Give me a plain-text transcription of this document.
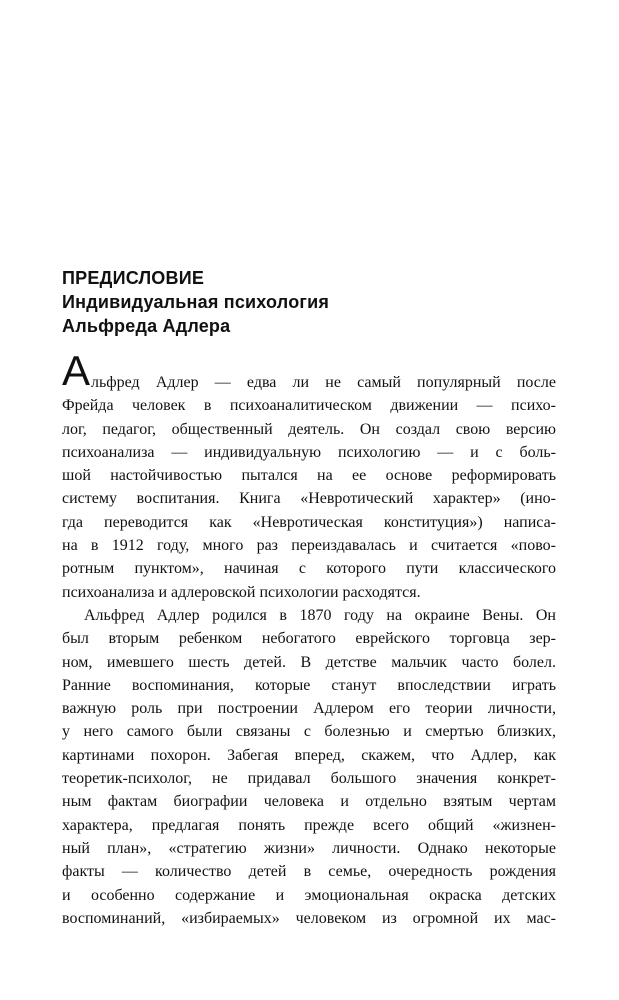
ПРЕДИСЛОВИЕ
Индивидуальная психология
Альфреда Адлера
Альфред Адлер — едва ли не самый популярный после
Фрейда человек в психоаналитическом движении — психо-
лог, педагог, общественный деятель. Он создал свою версию
психоанализа — индивидуальную психологию — и с боль-
шой настойчивостью пытался на ее основе реформировать
систему воспитания. Книга «Невротический характер» (ино-
гда переводится как «Невротическая конституция») написа-
на в 1912 году, много раз переиздавалась и считается «пово-
ротным пунктом», начиная с которого пути классического
психоанализа и адлеровской психологии расходятся.
Альфред Адлер родился в 1870 году на окраине Вены. Он
был вторым ребенком небогатого еврейского торговца зер-
ном, имевшего шесть детей. В детстве мальчик часто болел.
Ранние воспоминания, которые станут впоследствии играть
важную роль при построении Адлером его теории личности,
у него самого были связаны с болезнью и смертью близких,
картинами похорон. Забегая вперед, скажем, что Адлер, как
теоретик-психолог, не придавал большого значения конкрет-
ным фактам биографии человека и отдельно взятым чертам
характера, предлагая понять прежде всего общий «жизнен-
ный план», «стратегию жизни» личности. Однако некоторые
факты — количество детей в семье, очередность рождения
и особенно содержание и эмоциональная окраска детских
воспоминаний, «избираемых» человеком из огромной их мас-
